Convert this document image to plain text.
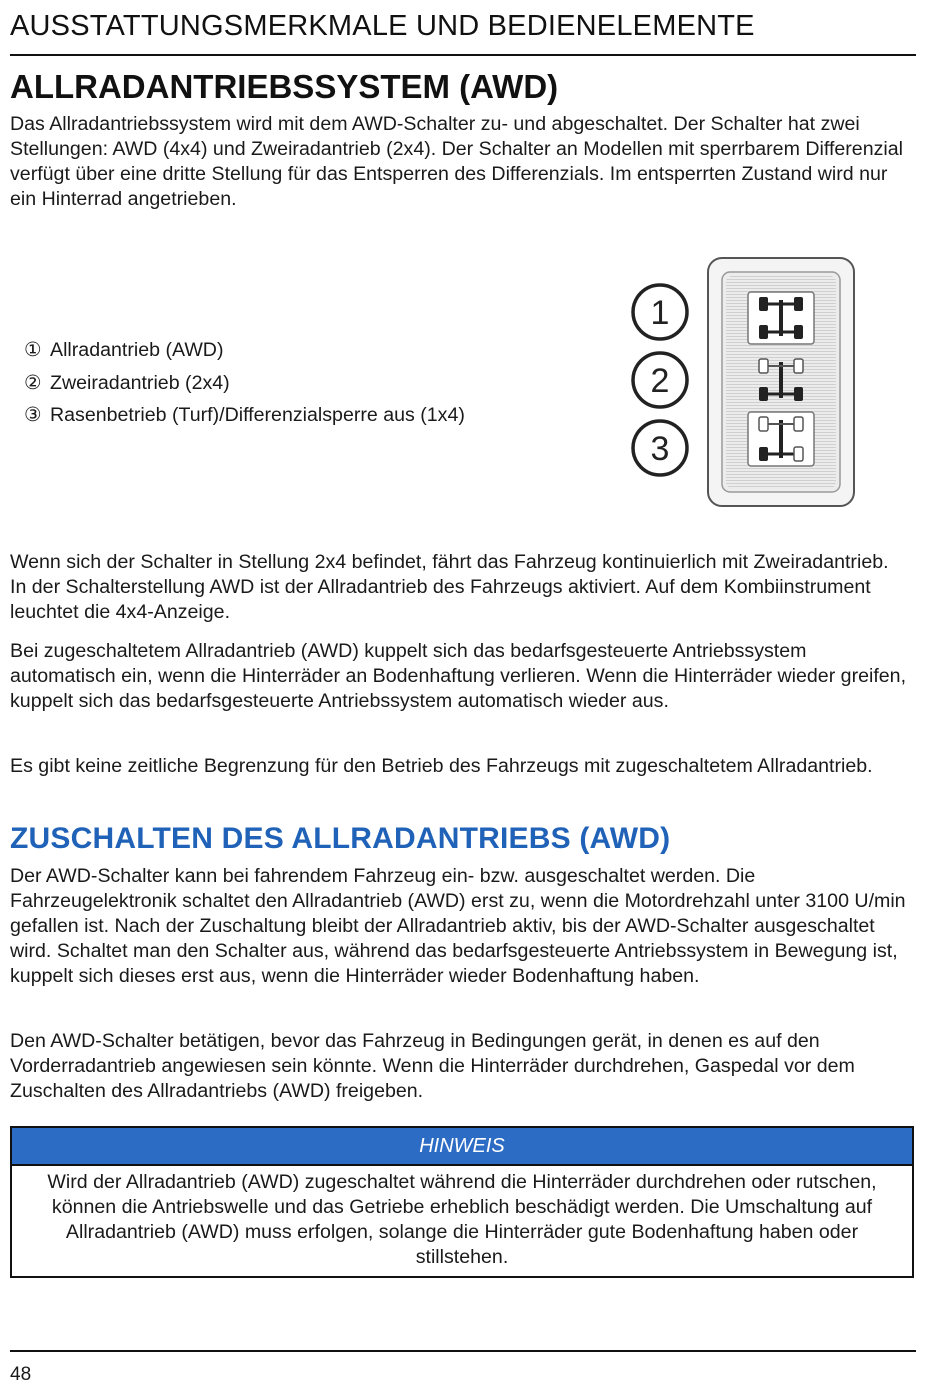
AUSSTATTUNGSMERKMALE UND BEDIENELEMENTE
ALLRADANTRIEBSSYSTEM (AWD)
Das Allradantriebssystem wird mit dem AWD-Schalter zu- und abgeschaltet. Der Schalter hat zwei Stellungen: AWD (4x4) und Zweiradantrieb (2x4). Der Schalter an Modellen mit sperrbarem Differenzial verfügt über eine dritte Stellung für das Entsperren des Differenzials. Im entsperrten Zustand wird nur ein Hinterrad angetrieben.
① Allradantrieb (AWD)
② Zweiradantrieb (2x4)
③ Rasenbetrieb (Turf)/Differenzialsperre aus (1x4)
1
2
3
Wenn sich der Schalter in Stellung 2x4 befindet, fährt das Fahrzeug kontinuierlich mit Zweiradantrieb. In der Schalterstellung AWD ist der Allradantrieb des Fahrzeugs aktiviert. Auf dem Kombiinstrument leuchtet die 4x4-Anzeige.
Bei zugeschaltetem Allradantrieb (AWD) kuppelt sich das bedarfsgesteuerte Antriebssystem automatisch ein, wenn die Hinterräder an Bodenhaftung verlieren. Wenn die Hinterräder wieder greifen, kuppelt sich das bedarfsgesteuerte Antriebssystem automatisch wieder aus.
Es gibt keine zeitliche Begrenzung für den Betrieb des Fahrzeugs mit zugeschaltetem Allradantrieb.
ZUSCHALTEN DES ALLRADANTRIEBS (AWD)
Der AWD-Schalter kann bei fahrendem Fahrzeug ein- bzw. ausgeschaltet werden. Die Fahrzeugelektronik schaltet den Allradantrieb (AWD) erst zu, wenn die Motordrehzahl unter 3100 U/min gefallen ist. Nach der Zuschaltung bleibt der Allradantrieb aktiv, bis der AWD-Schalter ausgeschaltet wird. Schaltet man den Schalter aus, während das bedarfsgesteuerte Antriebssystem in Bewegung ist, kuppelt sich dieses erst aus, wenn die Hinterräder wieder Bodenhaftung haben.
Den AWD-Schalter betätigen, bevor das Fahrzeug in Bedingungen gerät, in denen es auf den Vorderradantrieb angewiesen sein könnte. Wenn die Hinterräder durchdrehen, Gaspedal vor dem Zuschalten des Allradantriebs (AWD) freigeben.
HINWEIS
Wird der Allradantrieb (AWD) zugeschaltet während die Hinterräder durchdrehen oder rutschen, können die Antriebswelle und das Getriebe erheblich beschädigt werden. Die Umschaltung auf Allradantrieb (AWD) muss erfolgen, solange die Hinterräder gute Bodenhaftung haben oder stillstehen.
48
